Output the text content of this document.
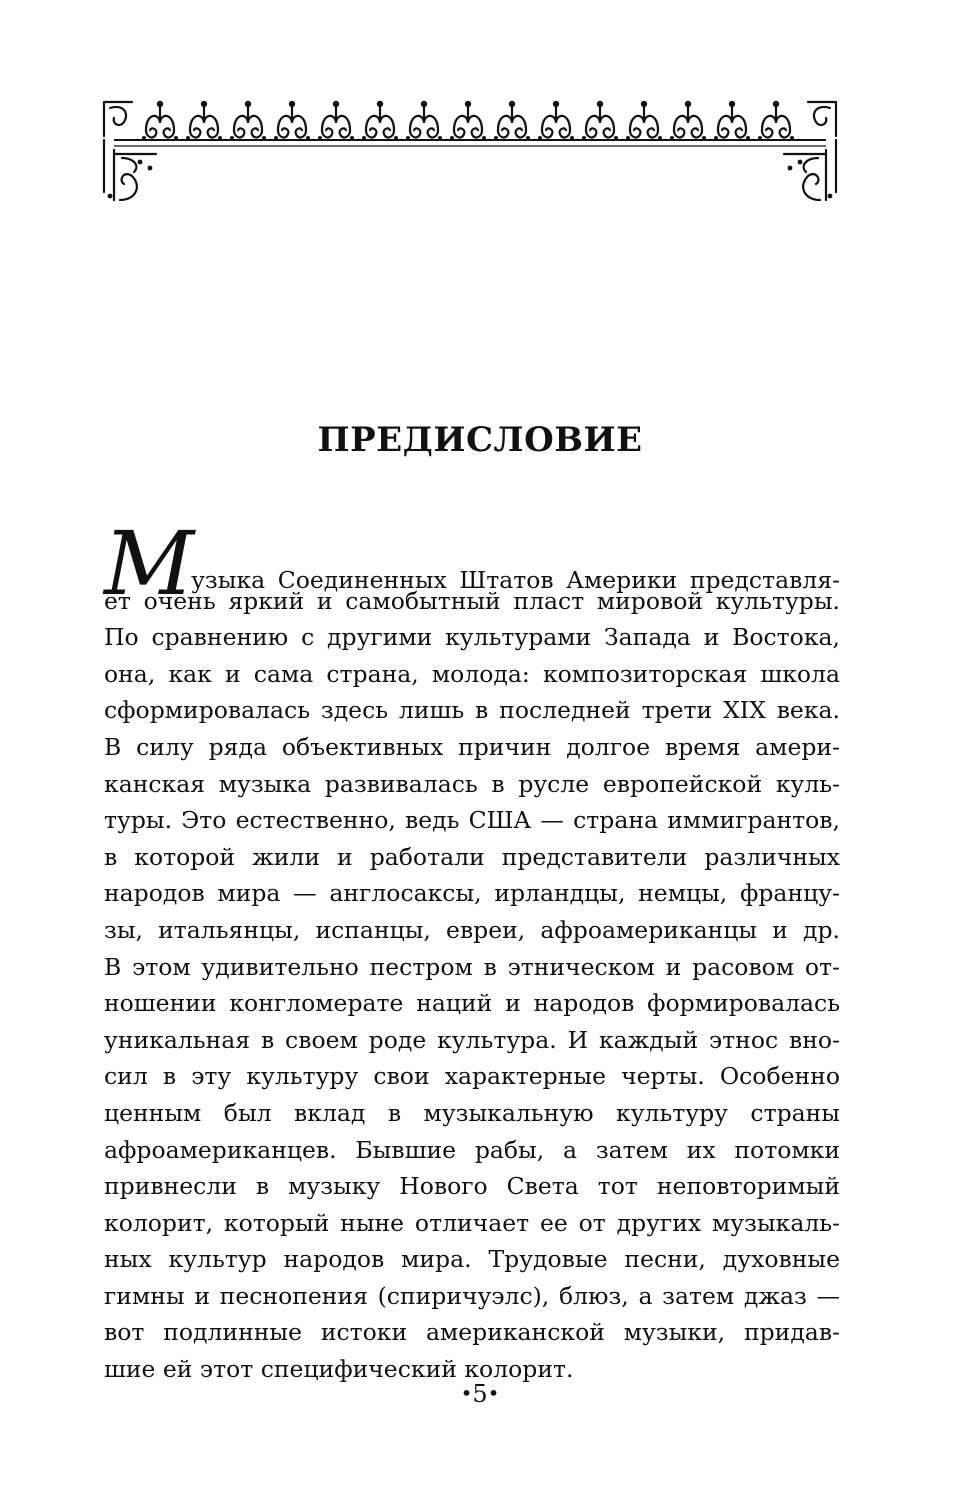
ПРЕДИСЛОВИЕ
Музыка Соединенных Штатов Америки представля-
ет очень яркий и самобытный пласт мировой культуры.
По сравнению с другими культурами Запада и Востока,
она, как и сама страна, молода: композиторская школа
сформировалась здесь лишь в последней трети XIX века.
В силу ряда объективных причин долгое время амери-
канская музыка развивалась в русле европейской куль-
туры. Это естественно, ведь США — страна иммигрантов,
в которой жили и работали представители различных
народов мира — англосаксы, ирландцы, немцы, францу-
зы, итальянцы, испанцы, евреи, афроамериканцы и др.
В этом удивительно пестром в этническом и расовом от-
ношении конгломерате наций и народов формировалась
уникальная в своем роде культура. И каждый этнос вно-
сил в эту культуру свои характерные черты. Особенно
ценным был вклад в музыкальную культуру страны
афроамериканцев. Бывшие рабы, а затем их потомки
привнесли в музыку Нового Света тот неповторимый
колорит, который ныне отличает ее от других музыкаль-
ных культур народов мира. Трудовые песни, духовные
гимны и песнопения (спиричуэлс), блюз, а затем джаз —
вот подлинные истоки американской музыки, придав-
шие ей этот специфический колорит.
•5•
